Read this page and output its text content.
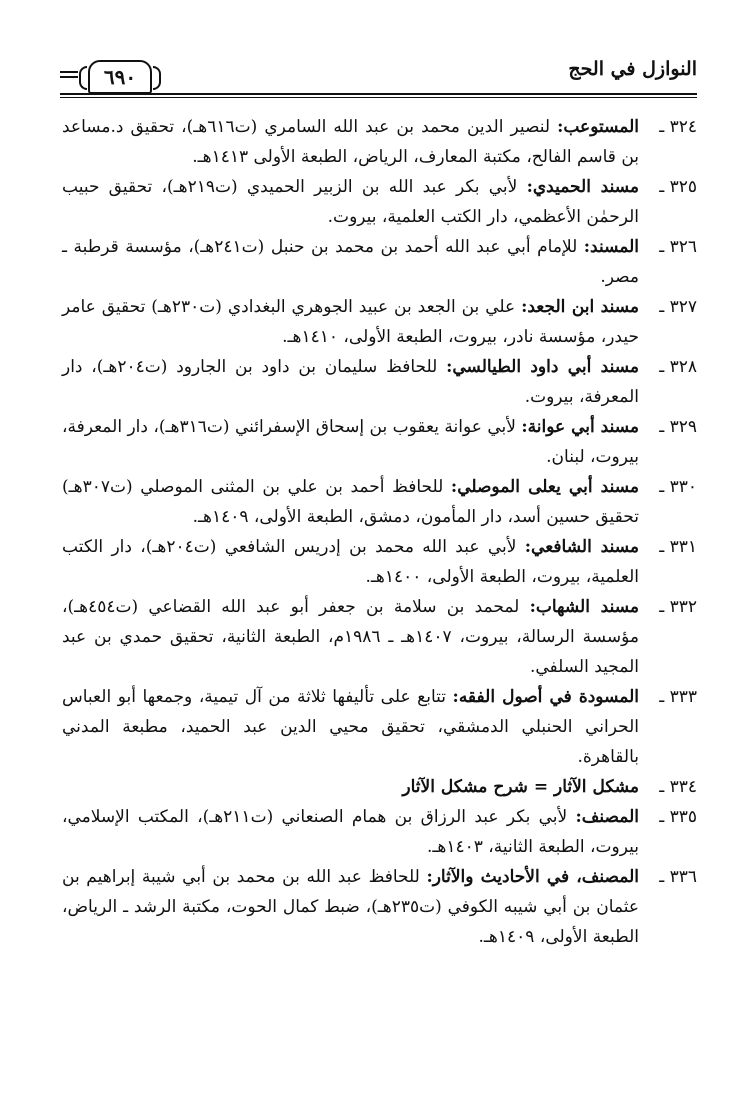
النوازل في الحج
٦٩٠
٣٢٤ ـ
المستوعب: لنصير الدين محمد بن عبد الله السامري (ت٦١٦هـ)، تحقيق د.مساعد بن قاسم الفالح، مكتبة المعارف، الرياض، الطبعة الأولى ١٤١٣هـ.
٣٢٥ ـ
مسند الحميدي: لأبي بكر عبد الله بن الزبير الحميدي (ت٢١٩هـ)، تحقيق حبيب الرحمٰن الأعظمي، دار الكتب العلمية، بيروت.
٣٢٦ ـ
المسند: للإمام أبي عبد الله أحمد بن محمد بن حنبل (ت٢٤١هـ)، مؤسسة قرطبة ـ مصر.
٣٢٧ ـ
مسند ابن الجعد: علي بن الجعد بن عبيد الجوهري البغدادي (ت٢٣٠هـ) تحقيق عامر حيدر، مؤسسة نادر، بيروت، الطبعة الأولى، ١٤١٠هـ.
٣٢٨ ـ
مسند أبي داود الطيالسي: للحافظ سليمان بن داود بن الجارود (ت٢٠٤هـ)، دار المعرفة، بيروت.
٣٢٩ ـ
مسند أبي عوانة: لأبي عوانة يعقوب بن إسحاق الإسفرائني (ت٣١٦هـ)، دار المعرفة، بيروت، لبنان.
٣٣٠ ـ
مسند أبي يعلى الموصلي: للحافظ أحمد بن علي بن المثنى الموصلي (ت٣٠٧هـ) تحقيق حسين أسد، دار المأمون، دمشق، الطبعة الأولى، ١٤٠٩هـ.
٣٣١ ـ
مسند الشافعي: لأبي عبد الله محمد بن إدريس الشافعي (ت٢٠٤هـ)، دار الكتب العلمية، بيروت، الطبعة الأولى، ١٤٠٠هـ.
٣٣٢ ـ
مسند الشهاب: لمحمد بن سلامة بن جعفر أبو عبد الله القضاعي (ت٤٥٤هـ)، مؤسسة الرسالة، بيروت، ١٤٠٧هـ ـ ١٩٨٦م، الطبعة الثانية، تحقيق حمدي بن عبد المجيد السلفي.
٣٣٣ ـ
المسودة في أصول الفقه: تتابع على تأليفها ثلاثة من آل تيمية، وجمعها أبو العباس الحراني الحنبلي الدمشقي، تحقيق محيي الدين عبد الحميد، مطبعة المدني بالقاهرة.
٣٣٤ ـ
مشكل الآثار = شرح مشكل الآثار
٣٣٥ ـ
المصنف: لأبي بكر عبد الرزاق بن همام الصنعاني (ت٢١١هـ)، المكتب الإسلامي، بيروت، الطبعة الثانية، ١٤٠٣هـ.
٣٣٦ ـ
المصنف، في الأحاديث والآثار: للحافظ عبد الله بن محمد بن أبي شيبة إبراهيم بن عثمان بن أبي شيبه الكوفي (ت٢٣٥هـ)، ضبط كمال الحوت، مكتبة الرشد ـ الرياض، الطبعة الأولى، ١٤٠٩هـ.
